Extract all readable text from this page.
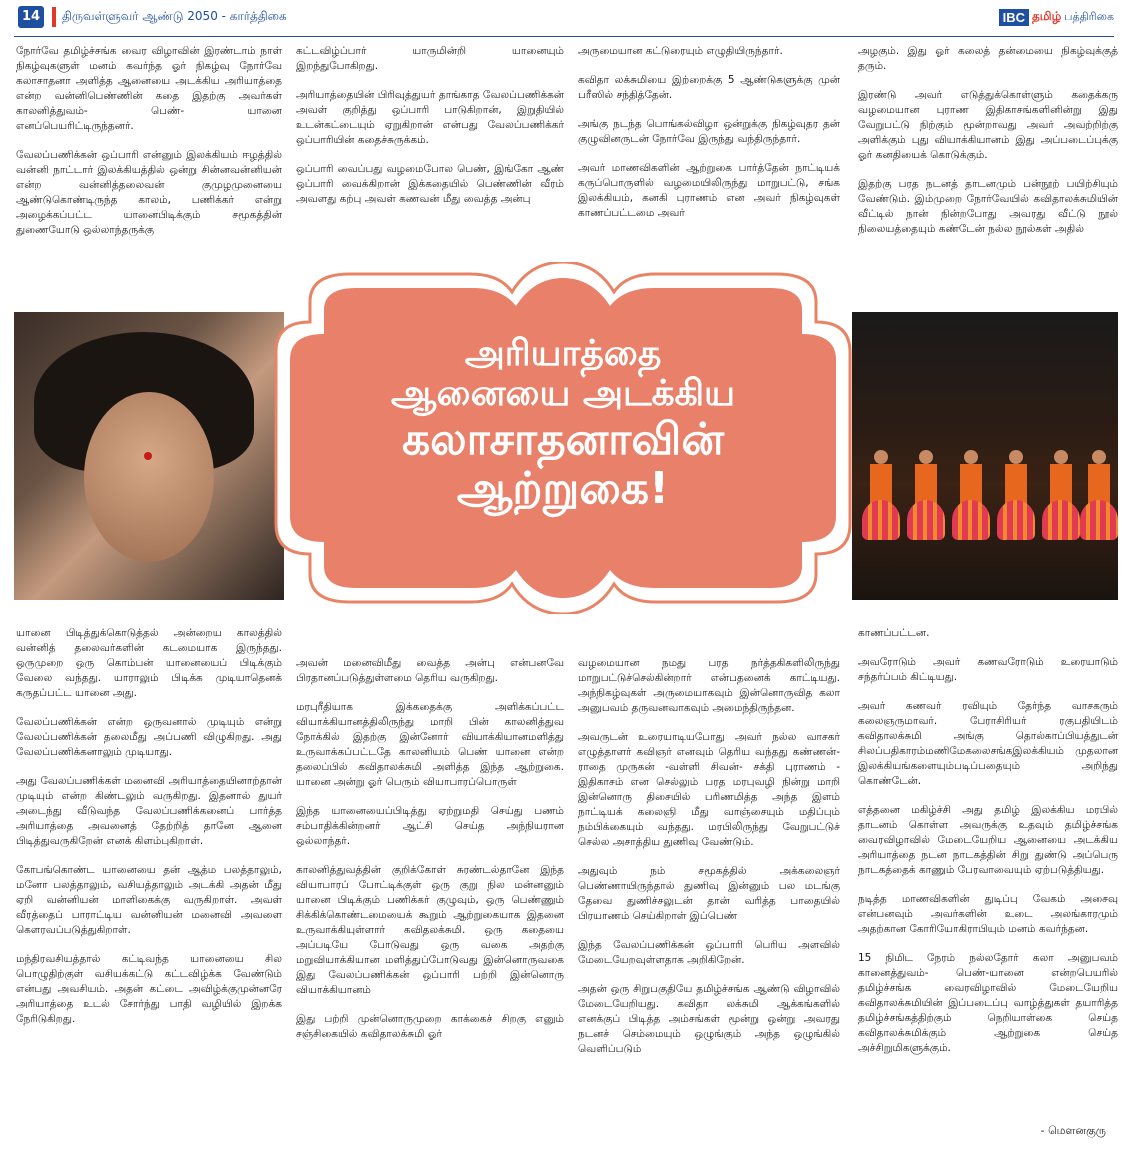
14	திருவள்ளுவர் ஆண்டு 2050 - கார்த்திகை	IBC தமிழ் பத்திரிகை

நோர்வே தமிழ்ச்சங்க வைர விழாவின் இரண்டாம் நாள் நிகழ்வுகளுள் மனம் கவர்ந்த ஓர் நிகழ்வு நோர்வே கலாசாதனா அளித்த ஆனையை அடக்கிய அரியாத்தை என்ற வன்னிபெண்ணின் கதை இதற்கு அவர்கள் காலனித்துவம்- பெண்- யானை எனப்பெயரிட்டிருந்தனர்.

வேலப்பணிக்கன் ஒப்பாரி என்னும் இலக்கியம் ஈழத்தில் வன்னி நாட்டார் இலக்கியத்தில் ஒன்று சின்னவன்னியன் என்ற வன்னித்தலைவன் குமுழமுனையை ஆண்டுகொண்டிருந்த காலம், பணிக்கர் என்று அழைக்கப்பட்ட யானைபிடிக்கும் சமூகத்தின் துணையோடு ஒல்லாந்தருக்கு

கட்டவிழ்ப்பார் யாருமின்றி யானையும் இறந்துபோகிறது.

அரியாத்தையின் பிரிவுத்துயர் தாங்காத வேலப்பணிக்கன் அவள் குறித்து ஒப்பாரி பாடுகிறான், இறுதியில் உடன்கட்டையும் ஏறுகிறான் என்பது வேலப்பணிக்கர் ஒப்பாரியின் கதைச்சுருக்கம்.

ஒப்பாரி வைப்பது வழமைபோல பெண், இங்கோ ஆண் ஒப்பாரி வைக்கிறான் இக்கதையில் பெண்ணின் வீரம் அவளது கற்பு அவள் கணவன் மீது வைத்த அன்பு

அருமையான கட்டுரையும் எழுதியிருந்தார்.

கவிதா லக்சுமியை இற்றைக்கு 5 ஆண்டுகளுக்கு முன் பரீஸில் சந்தித்தேன்.

அங்கு நடந்த பொங்கல்விழா ஒன்றுக்கு நிகழ்வுதர தன் குழுவினருடன் நோர்வே இருந்து வந்திருந்தார்.

அவர் மாணவிகளின் ஆற்றுகை பார்த்தேன் நாட்டியக் கருப்பொருளில் வழமையிலிருந்து மாறுபட்டு, சங்க இலக்கியம், கனகி புராணம் என அவர் நிகழ்வுகள் காணப்பட்டமை அவர்

அழகும். இது ஓர் கலைத் தன்மையை நிகழ்வுக்குத் தரும்.

இரண்டு அவர் எடுத்துக்கொள்ளும் கதைக்கரு வழமையான புராண இதிகாசங்களினின்று இது வேறுபட்டு நிற்கும் மூன்றாவது அவர் அவற்றிற்கு அளிக்கும் புது வியாக்கியானம் இது அப்படைப்புக்கு ஓர் கனதியைக் கொடுக்கும்.

இதற்கு பரத நடனத் தாடனமும் பன்நூற் பயிற்சியும் வேண்டும். இம்முறை நோர்வேயில் கவிதாலக்சுமியின் வீட்டில் நான் நின்றபோது அவரது வீட்டு நூல் நிலையத்தையும் கண்டேன் நல்ல நூல்கள் அதில்

அரியாத்தை
ஆனையை அடக்கிய
கலாசாதனாவின்
ஆற்றுகை!

யானை பிடித்துக்கொடுத்தல் அன்றைய காலத்தில் வன்னித் தலைவர்களின் கடமையாக இருந்தது. ஒருமுறை ஒரு கொம்பன் யானையைப் பிடிக்கும் வேலை வந்தது. யாராலும் பிடிக்க முடியாதெனக் கருதப்பட்ட யானை அது.

வேலப்பணிக்கன் என்ற ஒருவனால் முடியும் என்று வேலப்பணிக்கன் தலைமீது அப்பணி விழுகிறது. அது வேலப்பணிக்கனாலும் முடியாது.

அது வேலப்பணிக்கள் மனைவி அரியாத்தையினாற்தான் முடியும் என்ற கிண்டலும் வருகிறது. இதனால் துயர் அடைந்து வீடுவந்த வேலப்பணிக்கனைப் பார்த்த அரியாத்தை அவனைத் தேற்றித் தானே ஆனை பிடித்துவருகிறேன் எனக் கிளம்புகிறாள்.

கோபங்கொண்ட யானையை தன் ஆத்ம பலத்தாலும், மனோ பலத்தாலும், வசியத்தாலும் அடக்கி அதன் மீது ஏறி வன்னியன் மாளிகைக்கு வருகிறாள். அவள் வீரத்தைப் பாராட்டிய வன்னியன் மனைவி அவளை கௌரவப்படுத்துகிறாள்.

மந்திரவசியத்தால் கட்டிவந்த யானையை சில பொழுதிற்குள் வசியக்கட்டு கட்டவிழ்க்க வேண்டும் என்பது அவசியம். அதன் கட்டை அவிழ்க்குமுன்னரே அரியாத்தை உடல் சோர்ந்து பாதி வழியில் இறக்க நேரிடுகிறது.

அவன் மனைவிமீது வைத்த அன்பு என்பனவே பிரதானப்படுத்துள்ளமை தெரிய வருகிறது.

மரபுரீதியாக இக்கதைக்கு அளிக்கப்பட்ட வியாக்கியானத்திலிருந்து மாறி பின் காலனித்துவ நோக்கில் இதற்கு இன்னோர் வியாக்கியானமளித்து உருவாக்கப்பட்டதே காலனியம் பெண் யானை என்ற தலைப்பில் கவிதாலக்சுமி அளித்த இந்த ஆற்றுகை. யானை அன்று ஓர் பெரும் வியாபாரப்பொருள்

இந்த யானையைப்பிடித்து ஏற்றுமதி செய்து பணம் சம்பாதிக்கின்றனர் ஆட்சி செய்த அந்நியரான ஒல்லாந்தர்.

காலனித்துவத்தின் குறிக்கோள் சுரண்டல்தானே இந்த வியாபாரப் போட்டிக்குள் ஒரு குறு நில மன்னனும் யானை பிடிக்கும் பணிக்கர் குழுவும், ஒரு பெண்ணும் சிக்கிக்கொண்டமையைக் கூறும் ஆற்றுகையாக இதனை உருவாக்கியுள்ளார் கவிதலக்சுமி. ஒரு கதையை அப்படியே போடுவது ஒரு வகை அதற்கு மறுவியாக்கியான மளித்துப்போடுவது இன்னொருவகை இது வேலப்பணிக்கன் ஒப்பாரி பற்றி இன்னொரு வியாக்கியானம்

இது பற்றி முன்னொருமுறை காக்கைச் சிறகு எனும் சஞ்சிகையில் கவிதாலக்சுமி ஓர்

வழமையான நமது பரத நர்த்தகிகளிலிருந்து மாறுபட்டுச்செல்கின்றார் என்பதனைக் காட்டியது. அந்நிகழ்வுகள் அருமையாகவும் இன்னொருவித கலா அனுபவம் தருவனவாகவும் அமைந்திருந்தன.

அவருடன் உரையாடியபோது அவர் நல்ல வாசகர் எழுத்தாளர் கவிஞர் எனவும் தெரிய வந்தது கண்ணன்- ராதை முருகன் -வள்ளி சிவன்- சக்தி புராணம் - இதிகாசம் என செல்லும் பரத மரபுவழி நின்று மாறி இன்னொரு திசையில் பரிணமித்த அந்த இளம் நாட்டியக் கலைஞி மீது வாஞ்சையும் மதிப்பும் நம்பிக்கையும் வந்தது. மரபிலிருந்து வேறுபட்டுச் செல்ல அசாத்திய துணிவு வேண்டும்.

அதுவும் நம் சமூகத்தில் அக்கலைஞர் பெண்ணாயிருந்தால் துணிவு இன்னும் பல மடங்கு தேவை துணிச்சலுடன் தான் வரித்த பாதையில் பிரயாணம் செய்கிறாள் இப்பெண்

இந்த வேலப்பணிக்கன் ஒப்பாரி பெரிய அளவில் மேடையேறவுள்ளதாக அறிகிறேன்.

அதன் ஒரு சிறுபகுதியே தமிழ்ச்சங்க ஆண்டு விழாவில் மேடையேறியது. கவிதா லக்சுமி ஆக்கங்களில் எனக்குப் பிடித்த அம்சங்கள் மூன்று ஒன்று அவரது நடனச் செம்மையும் ஒழுங்கும் அந்த ஒழுங்கில் வெளிப்படும்

காணப்பட்டன.

அவரோடும் அவர் கணவரோடும் உரையாடும் சந்தர்ப்பம் கிட்டியது.

அவர் கணவர் ரவியும் தேர்ந்த வாசகரும் கலைஞருமாவர். பேராசிரியர் ரகுபதியிடம் கவிதாலக்சுமி அங்கு தொல்காப்பியத்துடன் சிலப்பதிகாரம்மணிமேகலைசங்கஇலக்கியம் முதலான இலக்கியங்களையும்படிப்பதையும் அறிந்து கொண்டேன்.

எத்தனை மகிழ்ச்சி அது தமிழ் இலக்கிய மரபில் தாடனம் கொள்ள அவருக்கு உதவும் தமிழ்ச்சங்க வைரவிழாவில் மேடையேறிய ஆனையை அடக்கிய அரியாத்தை நடன நாடகத்தின் சிறு துண்டு அப்பெரு நாடகத்தைக் காணும் பேரவாவையும் ஏற்படுத்தியது.

நடித்த மாணவிகளின் துடிப்பு வேகம் அசைவு என்பனவும் அவர்களின் உடை அலங்காரமும் அதற்கான கோரியோகிராபியும் மனம் கவர்ந்தன.

15 நிமிட நேரம் நல்லதோர் கலா அனுபவம் கானைத்துவம்- பெண்-யானை என்றபெயரில் தமிழ்ச்சங்க வைரவிழாவில் மேடையேறிய கவிதாலக்சுமியின் இப்படைப்பு வாழ்த்துகள் தயாரித்த தமிழ்ச்சங்கத்திற்கும் நெறியாள்கை செய்த கவிதாலக்சுமிக்கும் ஆற்றுகை செய்த அச்சிறுமிகளுக்கும்.

- மௌனகுரு
